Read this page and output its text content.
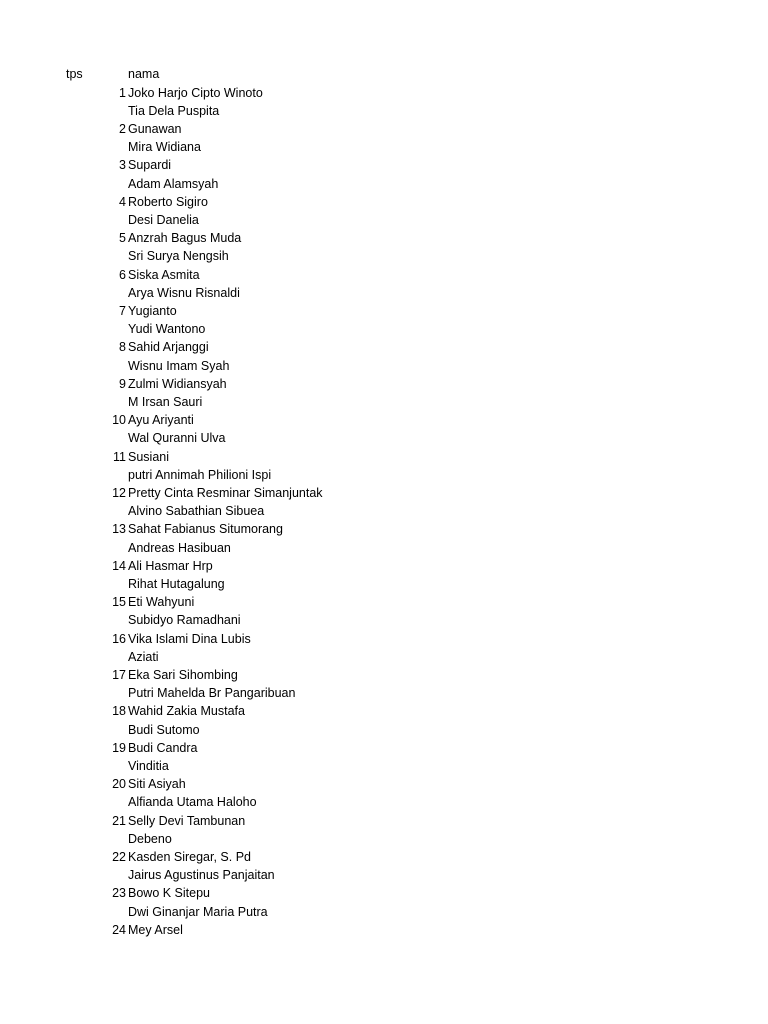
tps	nama
1 Joko Harjo Cipto Winoto
Tia Dela Puspita
2 Gunawan
Mira Widiana
3 Supardi
Adam Alamsyah
4 Roberto Sigiro
Desi Danelia
5 Anzrah Bagus Muda
Sri Surya Nengsih
6 Siska Asmita
Arya Wisnu Risnaldi
7 Yugianto
Yudi Wantono
8 Sahid Arjanggi
Wisnu Imam Syah
9 Zulmi Widiansyah
M Irsan Sauri
10 Ayu Ariyanti
Wal Quranni Ulva
11 Susiani
putri Annimah Philioni Ispi
12 Pretty Cinta Resminar Simanjuntak
Alvino Sabathian Sibuea
13 Sahat Fabianus Situmorang
Andreas Hasibuan
14 Ali Hasmar Hrp
Rihat Hutagalung
15 Eti Wahyuni
Subidyo Ramadhani
16 Vika Islami Dina Lubis
Aziati
17 Eka Sari Sihombing
Putri Mahelda Br Pangaribuan
18 Wahid Zakia Mustafa
Budi Sutomo
19 Budi Candra
Vinditia
20 Siti Asiyah
Alfianda Utama Haloho
21 Selly Devi Tambunan
Debeno
22 Kasden Siregar, S. Pd
Jairus Agustinus Panjaitan
23 Bowo K Sitepu
Dwi Ginanjar Maria Putra
24 Mey Arsel
